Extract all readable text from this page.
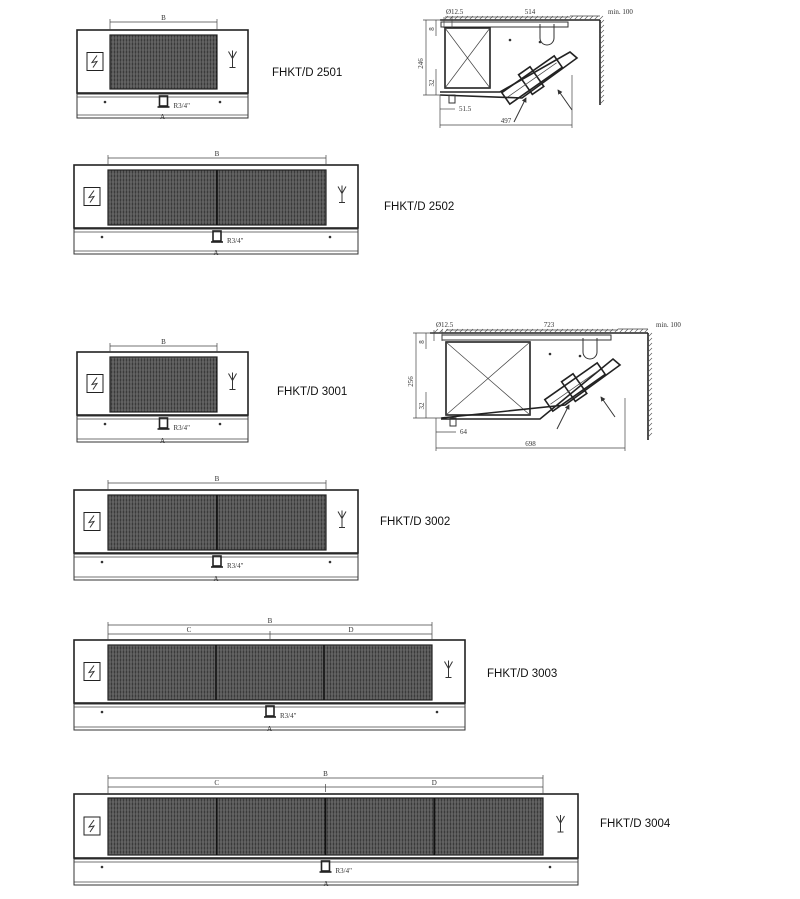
B
A
R3/4"
B
A
R3/4"
B
A
R3/4"
B
A
R3/4"
B
C	D
A
R3/4"
B
C	D
A
R3/4"
Ø12.5	514	min. 100
246
8
32
51.5
497
Ø12.5	723	min. 100
256
8
32
64
698
FHKT/D 2501
FHKT/D 2502
FHKT/D 3001
FHKT/D 3002
FHKT/D 3003
FHKT/D 3004
